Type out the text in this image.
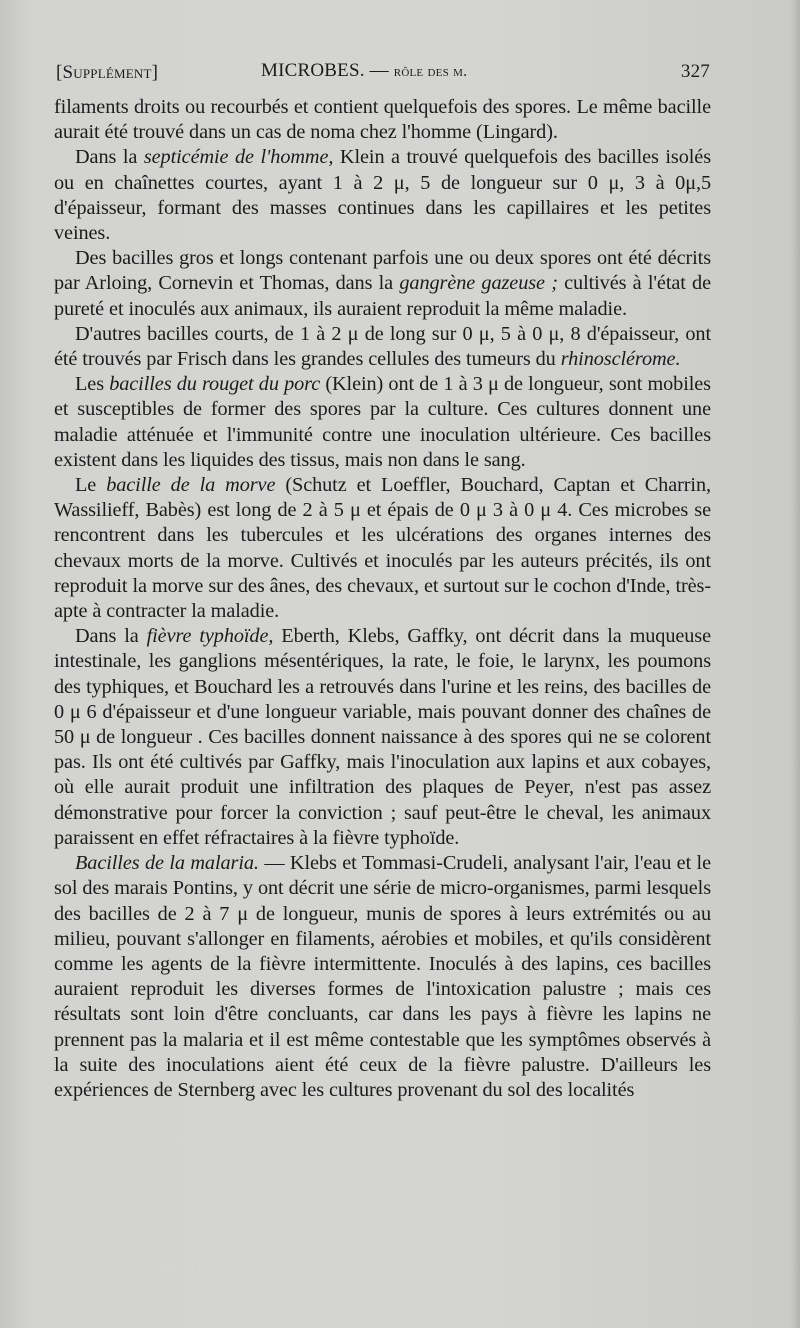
[Supplément]	MICROBES. — rôle des m.	327

filaments droits ou recourbés et contient quelquefois des spores. Le même bacille aurait été trouvé dans un cas de noma chez l'homme (Lingard).

Dans la septicémie de l'homme, Klein a trouvé quelquefois des bacilles isolés ou en chaînettes courtes, ayant 1 à 2 μ, 5 de longueur sur 0 μ, 3 à 0μ,5 d'épaisseur, formant des masses continues dans les capillaires et les petites veines.

Des bacilles gros et longs contenant parfois une ou deux spores ont été décrits par Arloing, Cornevin et Thomas, dans la gangrène gazeuse ; cultivés à l'état de pureté et inoculés aux animaux, ils auraient reproduit la même maladie.

D'autres bacilles courts, de 1 à 2 μ de long sur 0 μ, 5 à 0 μ, 8 d'épaisseur, ont été trouvés par Frisch dans les grandes cellules des tumeurs du rhinosclérome.

Les bacilles du rouget du porc (Klein) ont de 1 à 3 μ de longueur, sont mobiles et susceptibles de former des spores par la culture. Ces cultures donnent une maladie atténuée et l'immunité contre une inoculation ultérieure. Ces bacilles existent dans les liquides des tissus, mais non dans le sang.

Le bacille de la morve (Schutz et Loeffler, Bouchard, Captan et Charrin, Wassilieff, Babès) est long de 2 à 5 μ et épais de 0 μ 3 à 0 μ 4. Ces microbes se rencontrent dans les tubercules et les ulcérations des organes internes des chevaux morts de la morve. Cultivés et inoculés par les auteurs précités, ils ont reproduit la morve sur des ânes, des chevaux, et surtout sur le cochon d'Inde, très-apte à contracter la maladie.

Dans la fièvre typhoïde, Eberth, Klebs, Gaffky, ont décrit dans la muqueuse intestinale, les ganglions mésentériques, la rate, le foie, le larynx, les poumons des typhiques, et Bouchard les a retrouvés dans l'urine et les reins, des bacilles de 0 μ 6 d'épaisseur et d'une longueur variable, mais pouvant donner des chaînes de 50 μ de longueur . Ces bacilles donnent naissance à des spores qui ne se colorent pas. Ils ont été cultivés par Gaffky, mais l'inoculation aux lapins et aux cobayes, où elle aurait produit une infiltration des plaques de Peyer, n'est pas assez démonstrative pour forcer la conviction ; sauf peut-être le cheval, les animaux paraissent en effet réfractaires à la fièvre typhoïde.

Bacilles de la malaria. — Klebs et Tommasi-Crudeli, analysant l'air, l'eau et le sol des marais Pontins, y ont décrit une série de micro-organismes, parmi lesquels des bacilles de 2 à 7 μ de longueur, munis de spores à leurs extrémités ou au milieu, pouvant s'allonger en filaments, aérobies et mobiles, et qu'ils considèrent comme les agents de la fièvre intermittente. Inoculés à des lapins, ces bacilles auraient reproduit les diverses formes de l'intoxication palustre ; mais ces résultats sont loin d'être concluants, car dans les pays à fièvre les lapins ne prennent pas la malaria et il est même contestable que les symptômes observés à la suite des inoculations aient été ceux de la fièvre palustre. D'ailleurs les expériences de Sternberg avec les cultures provenant du sol des localités
